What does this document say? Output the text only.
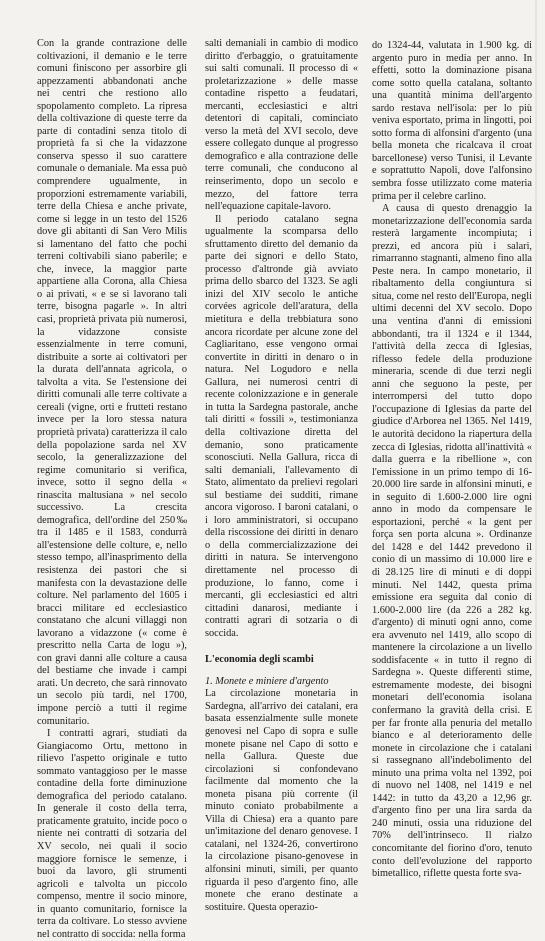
Con la grande contrazione delle coltivazioni, il demanio e le terre comuni finiscono per assorbire gli appezzamenti abbandonati anche nei centri che restiono allo spopolamento completo. La ripresa della coltivazione di queste terre da parte di contadini senza titolo di proprietà fa sì che la vidazzone conserva spesso il suo carattere comunale o demaniale. Ma essa può comprendere ugualmente, in proporzioni estremamente variabili, terre della Chiesa e anche private, come si legge in un testo del 1526 dove gli abitanti di San Vero Milis si lamentano del fatto che pochi terreni coltivabili siano paberile; e che, invece, la maggior parte appartiene alla Corona, alla Chiesa o ai privati, « e se si lavorano tali terre, bisogna pagarle ». In altri casi, proprietà privata più numerosi, la vidazzone consiste essenzialmente in terre comuni, distribuite a sorte ai coltivatori per la durata dell'annata agricola, o talvolta a vita. Se l'estensione dei diritti comunali alle terre coltivate a cereali (vigne, orti e frutteti restano invece per la loro stessa natura proprietà privata) caratterizza il calo della popolazione sarda nel XV secolo, la generalizzazione del regime comunitario si verifica, invece, sotto il segno della « rinascita maltusiana » nel secolo successivo. La crescita demografica, dell'ordine del 250‰ tra il 1485 e il 1583, condurrà all'estensione delle colture, e, nello stesso tempo, all'inasprimento della resistenza dei pastori che si manifesta con la devastazione delle colture. Nel parlamento del 1605 i bracci militare ed ecclesiastico constatano che alcuni villaggi non lavorano a vidazzone (« come è prescritto nella Carta de logu »), con gravi danni alle colture a causa del bestiame che invade i campi arati. Un decreto, che sarà rinnovato un secolo più tardi, nel 1700, impone perciò a tutti il regime comunitario.

I contratti agrari, studiati da Giangiacomo Ortu, mettono in rilievo l'aspetto originale e tutto sommato vantaggioso per le masse contadine della forte diminuzione demografica del periodo catalano. In generale il costo della terra, praticamente gratuito, incide poco o niente nei contratti di sotzaria del XV secolo, nei quali il socio maggiore fornisce le semenze, i buoi da lavoro, gli strumenti agricoli e talvolta un piccolo compenso, mentre il socio minore, in quanto comunitario, fornisce la terra da coltivare. Lo stesso avviene nel contratto di soccida: nella forma

salti demaniali in cambio di modico diritto d'erbaggio, o gratuitamente sui salti comunali. Il processo di « proletarizzazione » delle masse contadine rispetto a feudatari, mercanti, ecclesiastici e altri detentori di capitali, cominciato verso la metà del XVI secolo, deve essere collegato dunque al progresso demografico e alla contrazione delle terre comunali, che conducono al reinserimento, dopo un secolo e mezzo, del fattore terra nell'equazione capitale-lavoro.

Il periodo catalano segna ugualmente la scomparsa dello sfruttamento diretto del demanio da parte dei signori e dello Stato, processo d'altronde già avviato prima dello sbarco del 1323. Se agli inizi del XIV secolo le antiche corvées agricole dell'aratura, della mietitura e della trebbiatura sono ancora ricordate per alcune zone del Cagliaritano, esse vengono ormai convertite in diritti in denaro o in natura. Nel Logudoro e nella Gallura, nei numerosi centri di recente colonizzazione e in generale in tutta la Sardegna pastorale, anche tali diritti « fossili », testimonianza della coltivazione diretta del demanio, sono praticamente sconosciuti. Nella Gallura, ricca di salti demaniali, l'allevamento di Stato, alimentato da prelievi regolari sul bestiame dei sudditi, rimane ancora vigoroso. I baroni catalani, o i loro amministratori, si occupano della riscossione dei diritti in denaro o della commercializzazione dei diritti in natura. Se intervengono direttamente nel processo di produzione, lo fanno, come i mercanti, gli ecclesiastici ed altri cittadini danarosi, mediante i contratti agrari di sotzaria o di soccida.

L'economia degli scambi

1. Monete e miniere d'argento

La circolazione monetaria in Sardegna, all'arrivo dei catalani, era basata essenzialmente sulle monete genovesi nel Capo di sopra e sulle monete pisane nel Capo di sotto e nella Gallura. Queste due circolazioni si confondevano facilmente dal momento che la moneta pisana più corrente (il minuto coniato probabilmente a Villa di Chiesa) era a quanto pare un'imitazione del denaro genovese. I catalani, nel 1324-26, convertirono la circolazione pisano-genovese in alfonsini minuti, simili, per quanto riguarda il peso d'argento fino, alle monete che erano destinate a sostituire. Questa operazio-

do 1324-44, valutata in 1.900 kg. di argento puro in media per anno. In effetti, sotto la dominazione pisana come sotto quella catalana, soltanto una quantità minima dell'argento sardo restava nell'isola: per lo più veniva esportato, prima in lingotti, poi sotto forma di alfonsini d'argento (una bella moneta che ricalcava il croat barcellonese) verso Tunisi, il Levante e soprattutto Napoli, dove l'alfonsino sembra fosse utilizzato come materia prima per il celebre carlino.

A causa di questo drenaggio la monetarizzazione dell'economia sarda resterà largamente incompiuta; i prezzi, ed ancora più i salari, rimarranno stagnanti, almeno fino alla Peste nera. In campo monetario, il ribaltamento della congiuntura si situa, come nel resto dell'Europa, negli ultimi decenni del XV secolo. Dopo una ventina d'anni di emissioni abbondanti, tra il 1324 e il 1344, l'attività della zecca di Iglesias, riflesso fedele della produzione mineraria, scende di due terzi negli anni che seguono la peste, per interrompersi del tutto dopo l'occupazione di Iglesias da parte del giudice d'Arborea nel 1365. Nel 1419, le autorità decidono la riapertura della zecca di Iglesias, ridotta all'inattività « dalla guerra e la ribellione », con l'emissione in un primo tempo di 16-20.000 lire sarde in alfonsini minuti, e in seguito di 1.600-2.000 lire ogni anno in modo da compensare le esportazioni, perché « la gent per força sen porta alcuna ». Ordinanze del 1428 e del 1442 prevedono il conio di un massimo di 10.000 lire e di 28.125 lire di minuti e di doppi minuti. Nel 1442, questa prima emissione era seguita dal conio di 1.600-2.000 lire (da 226 a 282 kg. d'argento) di minuti ogni anno, come era avvenuto nel 1419, allo scopo di mantenere la circolazione a un livello soddisfacente « in tutto il regno di Sardegna ». Queste differenti stime, estremamente modeste, dei bisogni monetari dell'economia isolana confermano la gravità della crisi. E per far fronte alla penuria del metallo bianco e al deterioramento delle monete in circolazione che i catalani si rassegnano all'indebolimento del minuto una prima volta nel 1392, poi di nuovo nel 1408, nel 1419 e nel 1442: in tutto da 43,20 a 12,96 gr. d'argento fino per una lira sarda da 240 minuti, ossia una riduzione del 70% dell'intrinseco. Il rialzo concomitante del fiorino d'oro, tenuto conto dell'evoluzione del rapporto bimetallico, riflette questa forte sva-
